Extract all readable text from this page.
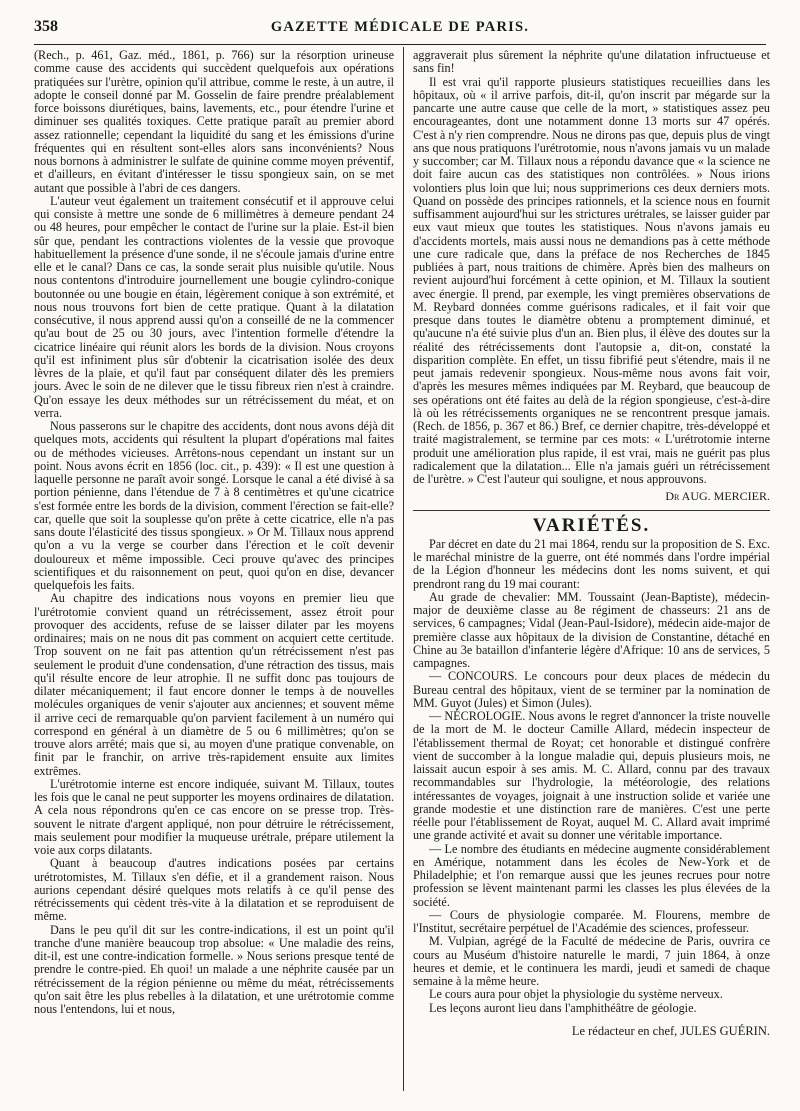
358	GAZETTE MÉDICALE DE PARIS.

(Rech., p. 461, Gaz. méd., 1861, p. 766) sur la résorption urineuse comme cause des accidents qui succèdent quelquefois aux opérations pratiquées sur l'urètre, opinion qu'il attribue, comme le reste, à un autre, il adopte le conseil donné par M. Gosselin de faire prendre préalablement force boissons diurétiques, bains, lavements, etc., pour étendre l'urine et diminuer ses qualités toxiques. Cette pratique paraît au premier abord assez rationnelle; cependant la liquidité du sang et les émissions d'urine fréquentes qui en résultent sont-elles alors sans inconvénients? Nous nous bornons à administrer le sulfate de quinine comme moyen préventif, et d'ailleurs, en évitant d'intéresser le tissu spongieux sain, on se met autant que possible à l'abri de ces dangers.

L'auteur veut également un traitement consécutif et il approuve celui qui consiste à mettre une sonde de 6 millimètres à demeure pendant 24 ou 48 heures, pour empêcher le contact de l'urine sur la plaie. Est-il bien sûr que, pendant les contractions violentes de la vessie que provoque habituellement la présence d'une sonde, il ne s'écoule jamais d'urine entre elle et le canal? Dans ce cas, la sonde serait plus nuisible qu'utile. Nous nous contentons d'introduire journellement une bougie cylindro-conique boutonnée ou une bougie en étain, légèrement conique à son extrémité, et nous nous trouvons fort bien de cette pratique. Quant à la dilatation consécutive, il nous apprend aussi qu'on a conseillé de ne la commencer qu'au bout de 25 ou 30 jours, avec l'intention formelle d'étendre la cicatrice linéaire qui réunit alors les bords de la division. Nous croyons qu'il est infiniment plus sûr d'obtenir la cicatrisation isolée des deux lèvres de la plaie, et qu'il faut par conséquent dilater dès les premiers jours. Avec le soin de ne dilever que le tissu fibreux rien n'est à craindre. Qu'on essaye les deux méthodes sur un rétrécissement du méat, et on verra.

Nous passerons sur le chapitre des accidents, dont nous avons déjà dit quelques mots, accidents qui résultent la plupart d'opérations mal faites ou de méthodes vicieuses. Arrêtons-nous cependant un instant sur un point. Nous avons écrit en 1856 (loc. cit., p. 439): « Il est une question à laquelle personne ne paraît avoir songé. Lorsque le canal a été divisé à sa portion pénienne, dans l'étendue de 7 à 8 centimètres et qu'une cicatrice s'est formée entre les bords de la division, comment l'érection se fait-elle? car, quelle que soit la souplesse qu'on prête à cette cicatrice, elle n'a pas sans doute l'élasticité des tissus spongieux. » Or M. Tillaux nous apprend qu'on a vu la verge se courber dans l'érection et le coït devenir douloureux et même impossible. Ceci prouve qu'avec des principes scientifiques et du raisonnement on peut, quoi qu'on en dise, devancer quelquefois les faits.

Au chapitre des indications nous voyons en premier lieu que l'urétrotomie convient quand un rétrécissement, assez étroit pour provoquer des accidents, refuse de se laisser dilater par les moyens ordinaires; mais on ne nous dit pas comment on acquiert cette certitude. Trop souvent on ne fait pas attention qu'un rétrécissement n'est pas seulement le produit d'une condensation, d'une rétraction des tissus, mais qu'il résulte encore de leur atrophie. Il ne suffit donc pas toujours de dilater mécaniquement; il faut encore donner le temps à de nouvelles molécules organiques de venir s'ajouter aux anciennes; et souvent même il arrive ceci de remarquable qu'on parvient facilement à un numéro qui correspond en général à un diamètre de 5 ou 6 millimètres; qu'on se trouve alors arrêté; mais que si, au moyen d'une pratique convenable, on finit par le franchir, on arrive très-rapidement ensuite aux limites extrêmes.

L'urétrotomie interne est encore indiquée, suivant M. Tillaux, toutes les fois que le canal ne peut supporter les moyens ordinaires de dilatation. A cela nous répondrons qu'en ce cas encore on se presse trop. Très-souvent le nitrate d'argent appliqué, non pour détruire le rétrécissement, mais seulement pour modifier la muqueuse urétrale, prépare utilement la voie aux corps dilatants.

Quant à beaucoup d'autres indications posées par certains urétrotomistes, M. Tillaux s'en défie, et il a grandement raison. Nous aurions cependant désiré quelques mots relatifs à ce qu'il pense des rétrécissements qui cèdent très-vite à la dilatation et se reproduisent de même.

Dans le peu qu'il dit sur les contre-indications, il est un point qu'il tranche d'une manière beaucoup trop absolue: « Une maladie des reins, dit-il, est une contre-indication formelle. » Nous serions presque tenté de prendre le contre-pied. Eh quoi! un malade a une néphrite causée par un rétrécissement de la région pénienne ou même du méat, rétrécissements qu'on sait être les plus rebelles à la dilatation, et une urétrotomie comme nous l'entendons, lui et nous,

aggraverait plus sûrement la néphrite qu'une dilatation infructueuse et sans fin!

Il est vrai qu'il rapporte plusieurs statistiques recueillies dans les hôpitaux, où « il arrive parfois, dit-il, qu'on inscrit par mégarde sur la pancarte une autre cause que celle de la mort, » statistiques assez peu encourageantes, dont une notamment donne 13 morts sur 47 opérés. C'est à n'y rien comprendre. Nous ne dirons pas que, depuis plus de vingt ans que nous pratiquons l'urétrotomie, nous n'avons jamais vu un malade y succomber; car M. Tillaux nous a répondu davance que « la science ne doit faire aucun cas des statistiques non contrôlées. » Nous irions volontiers plus loin que lui; nous supprimerions ces deux derniers mots. Quand on possède des principes rationnels, et la science nous en fournit suffisamment aujourd'hui sur les strictures urétrales, se laisser guider par eux vaut mieux que toutes les statistiques. Nous n'avons jamais eu d'accidents mortels, mais aussi nous ne demandions pas à cette méthode une cure radicale que, dans la préface de nos Recherches de 1845 publiées à part, nous traitions de chimère. Après bien des malheurs on revient aujourd'hui forcément à cette opinion, et M. Tillaux la soutient avec énergie. Il prend, par exemple, les vingt premières observations de M. Reybard données comme guérisons radicales, et il fait voir que presque dans toutes le diamètre obtenu a promptement diminué, et qu'aucune n'a été suivie plus d'un an. Bien plus, il élève des doutes sur la réalité des rétrécissements dont l'autopsie a, dit-on, constaté la disparition complète. En effet, un tissu fibrifié peut s'étendre, mais il ne peut jamais redevenir spongieux. Nous-même nous avons fait voir, d'après les mesures mêmes indiquées par M. Reybard, que beaucoup de ses opérations ont été faites au delà de la région spongieuse, c'est-à-dire là où les rétrécissements organiques ne se rencontrent presque jamais. (Rech. de 1856, p. 367 et 86.) Bref, ce dernier chapitre, très-développé et traité magistralement, se termine par ces mots: « L'urétrotomie interne produit une amélioration plus rapide, il est vrai, mais ne guérit pas plus radicalement que la dilatation... Elle n'a jamais guéri un rétrécissement de l'urètre. » C'est l'auteur qui souligne, et nous approuvons.

Dr AUG. MERCIER.
VARIÉTÉS.

Par décret en date du 21 mai 1864, rendu sur la proposition de S. Exc. le maréchal ministre de la guerre, ont été nommés dans l'ordre impérial de la Légion d'honneur les médecins dont les noms suivent, et qui prendront rang du 19 mai courant:

Au grade de chevalier: MM. Toussaint (Jean-Baptiste), médecin-major de deuxième classe au 8e régiment de chasseurs: 21 ans de services, 6 campagnes; Vidal (Jean-Paul-Isidore), médecin aide-major de première classe aux hôpitaux de la division de Constantine, détaché en Chine au 3e bataillon d'infanterie légère d'Afrique: 10 ans de services, 5 campagnes.

— CONCOURS. Le concours pour deux places de médecin du Bureau central des hôpitaux, vient de se terminer par la nomination de MM. Guyot (Jules) et Simon (Jules).

— NÉCROLOGIE. Nous avons le regret d'annoncer la triste nouvelle de la mort de M. le docteur Camille Allard, médecin inspecteur de l'établissement thermal de Royat; cet honorable et distingué confrère vient de succomber à la longue maladie qui, depuis plusieurs mois, ne laissait aucun espoir à ses amis. M. C. Allard, connu par des travaux recommandables sur l'hydrologie, la météorologie, des relations intéressantes de voyages, joignait à une instruction solide et variée une grande modestie et une distinction rare de manières. C'est une perte réelle pour l'établissement de Royat, auquel M. C. Allard avait imprimé une grande activité et avait su donner une véritable importance.

— Le nombre des étudiants en médecine augmente considérablement en Amérique, notamment dans les écoles de New-York et de Philadelphie; et l'on remarque aussi que les jeunes recrues pour notre profession se lèvent maintenant parmi les classes les plus élevées de la société.

— Cours de physiologie comparée. M. Flourens, membre de l'Institut, secrétaire perpétuel de l'Académie des sciences, professeur.

M. Vulpian, agrégé de la Faculté de médecine de Paris, ouvrira ce cours au Muséum d'histoire naturelle le mardi, 7 juin 1864, à onze heures et demie, et le continuera les mardi, jeudi et samedi de chaque semaine à la même heure.

Le cours aura pour objet la physiologie du système nerveux.

Les leçons auront lieu dans l'amphithéâtre de géologie.

Le rédacteur en chef, JULES GUÉRIN.
